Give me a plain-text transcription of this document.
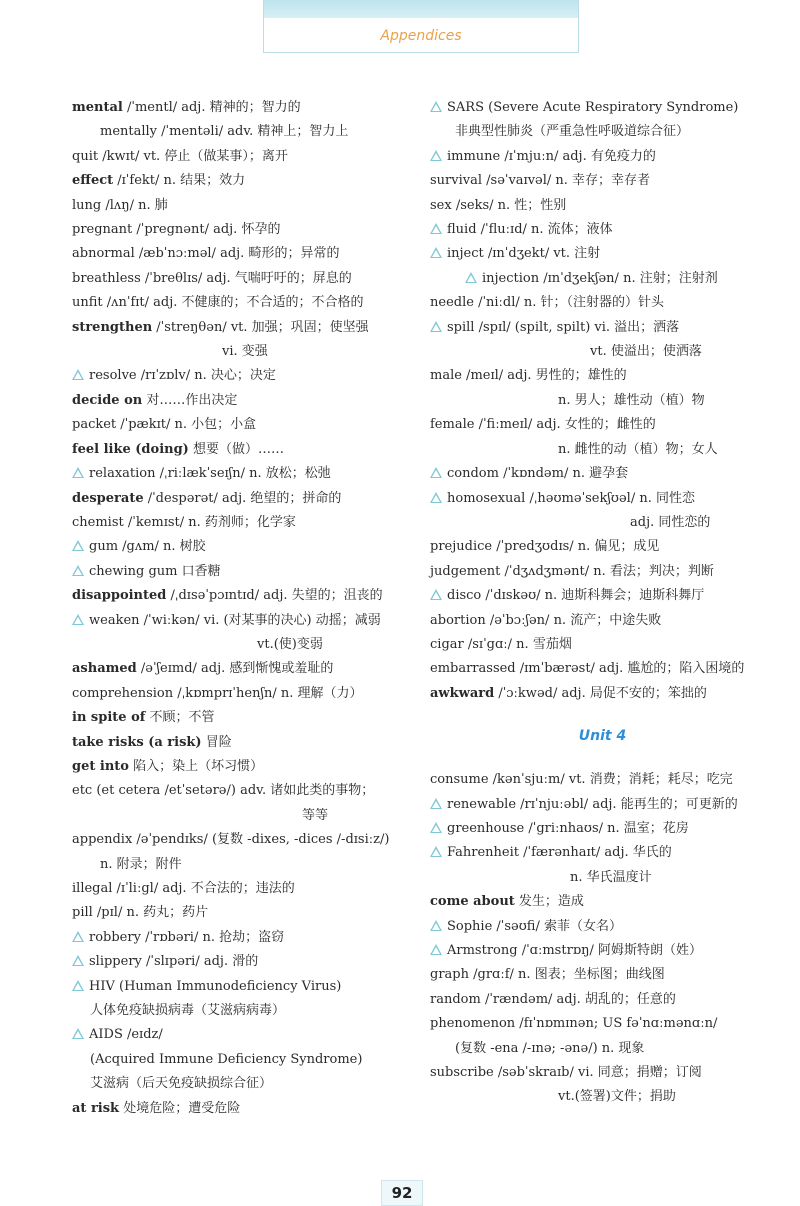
Appendices
mental /ˈmentl/ adj. 精神的；智力的
mentally /ˈmentəli/ adv. 精神上；智力上
quit /kwɪt/ vt. 停止（做某事）；离开
effect /ɪˈfekt/ n. 结果；效力
lung /lʌŋ/ n. 肺
pregnant /ˈpregnənt/ adj. 怀孕的
abnormal /æbˈnɔːməl/ adj. 畸形的；异常的
breathless /ˈbreθlɪs/ adj. 气喘吁吁的；屏息的
unfit /ʌnˈfɪt/ adj. 不健康的；不合适的；不合格的
strengthen /ˈstreŋθən/ vt. 加强；巩固；使坚强
vi. 变强
resolve /rɪˈzɒlv/ n. 决心；决定
decide on 对……作出决定
packet /ˈpækɪt/ n. 小包；小盒
feel like (doing) 想要（做）……
relaxation /ˌriːlækˈseɪʃn/ n. 放松；松弛
desperate /ˈdespərət/ adj. 绝望的；拼命的
chemist /ˈkemɪst/ n. 药剂师；化学家
gum /gʌm/ n. 树胶
chewing gum 口香糖
disappointed /ˌdɪsəˈpɔɪntɪd/ adj. 失望的；沮丧的
weaken /ˈwiːkən/ vi. (对某事的决心) 动摇；减弱
vt.(使)变弱
ashamed /əˈʃeɪmd/ adj. 感到惭愧或羞耻的
comprehension /ˌkɒmprɪˈhenʃn/ n. 理解（力）
in spite of 不顾；不管
take risks (a risk) 冒险
get into 陷入；染上（坏习惯）
etc (et cetera /etˈsetərə/) adv. 诸如此类的事物；
等等
appendix /əˈpendɪks/ (复数 -dixes, -dices /-dɪsiːz/)
n. 附录；附件
illegal /ɪˈliːgl/ adj. 不合法的；违法的
pill /pɪl/ n. 药丸；药片
robbery /ˈrɒbəri/ n. 抢劫；盗窃
slippery /ˈslɪpəri/ adj. 滑的
HIV (Human Immunodeficiency Virus)
人体免疫缺损病毒（艾滋病病毒）
AIDS /eɪdz/
(Acquired Immune Deficiency Syndrome)
艾滋病（后天免疫缺损综合征）
at risk 处境危险；遭受危险
SARS (Severe Acute Respiratory Syndrome)
非典型性肺炎（严重急性呼吸道综合征）
immune /ɪˈmjuːn/ adj. 有免疫力的
survival /səˈvaɪvəl/ n. 幸存；幸存者
sex /seks/ n. 性；性别
fluid /ˈfluːɪd/ n. 流体；液体
inject /ɪnˈdʒekt/ vt. 注射
injection /ɪnˈdʒekʃən/ n. 注射；注射剂
needle /ˈniːdl/ n. 针；（注射器的）针头
spill /spɪl/ (spilt, spilt) vi. 溢出；洒落
vt. 使溢出；使洒落
male /meɪl/ adj. 男性的；雄性的
n. 男人；雄性动（植）物
female /ˈfiːmeɪl/ adj. 女性的；雌性的
n. 雌性的动（植）物；女人
condom /ˈkɒndəm/ n. 避孕套
homosexual /ˌhəʊməˈsekʃʊəl/ n. 同性恋
adj. 同性恋的
prejudice /ˈpredʒʊdɪs/ n. 偏见；成见
judgement /ˈdʒʌdʒmənt/ n. 看法；判决；判断
disco /ˈdɪskəʊ/ n. 迪斯科舞会；迪斯科舞厅
abortion /əˈbɔːʃən/ n. 流产；中途失败
cigar /sɪˈgɑː/ n. 雪茄烟
embarrassed /ɪmˈbærəst/ adj. 尴尬的；陷入困境的
awkward /ˈɔːkwəd/ adj. 局促不安的；笨拙的
Unit 4
consume /kənˈsjuːm/ vt. 消费；消耗；耗尽；吃完
renewable /rɪˈnjuːəbl/ adj. 能再生的；可更新的
greenhouse /ˈgriːnhaʊs/ n. 温室；花房
Fahrenheit /ˈfærənhaɪt/ adj. 华氏的
n. 华氏温度计
come about 发生；造成
Sophie /ˈsəʊfi/ 索菲（女名）
Armstrong /ˈɑːmstrɒŋ/ 阿姆斯特朗（姓）
graph /grɑːf/ n. 图表；坐标图；曲线图
random /ˈrændəm/ adj. 胡乱的；任意的
phenomenon /fɪˈnɒmɪnən; US fəˈnɑːmənɑːn/
(复数 -ena /-ɪnə; -ənə/) n. 现象
subscribe /səbˈskraɪb/ vi. 同意；捐赠；订阅
vt.(签署)文件；捐助
92
